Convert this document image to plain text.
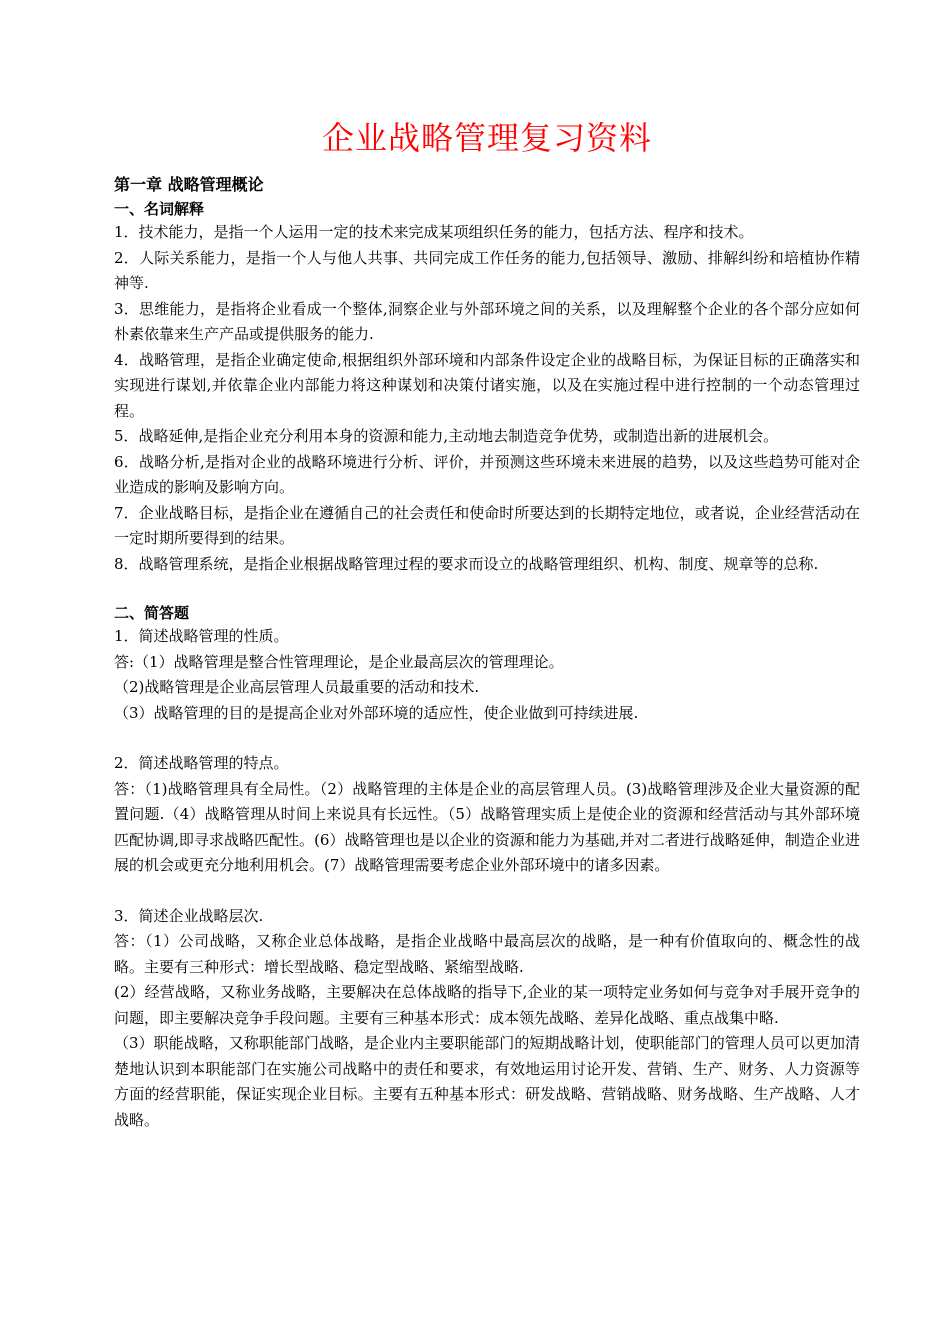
企业战略管理复习资料
第一章 战略管理概论
一、名词解释

1．技术能力，是指一个人运用一定的技术来完成某项组织任务的能力，包括方法、程序和技术。

2．人际关系能力，是指一个人与他人共事、共同完成工作任务的能力,包括领导、激励、排解纠纷和培植协作精神等.

3．思维能力，是指将企业看成一个整体,洞察企业与外部环境之间的关系，以及理解整个企业的各个部分应如何朴素依靠来生产产品或提供服务的能力.

4．战略管理，是指企业确定使命,根据组织外部环境和内部条件设定企业的战略目标，为保证目标的正确落实和实现进行谋划,并依靠企业内部能力将这种谋划和决策付诸实施，以及在实施过程中进行控制的一个动态管理过程。

5．战略延伸,是指企业充分利用本身的资源和能力,主动地去制造竞争优势，或制造出新的进展机会。

6．战略分析,是指对企业的战略环境进行分析、评价，并预测这些环境未来进展的趋势，以及这些趋势可能对企业造成的影响及影响方向。

7．企业战略目标，是指企业在遵循自己的社会责任和使命时所要达到的长期特定地位，或者说，企业经营活动在一定时期所要得到的结果。

8．战略管理系统，是指企业根据战略管理过程的要求而设立的战略管理组织、机构、制度、规章等的总称.

二、简答题

1．简述战略管理的性质。

答:（1）战略管理是整合性管理理论，是企业最高层次的管理理论。

（2)战略管理是企业高层管理人员最重要的活动和技术.

（3）战略管理的目的是提高企业对外部环境的适应性，使企业做到可持续进展.

2．简述战略管理的特点。

答：（1)战略管理具有全局性。（2）战略管理的主体是企业的高层管理人员。(3)战略管理涉及企业大量资源的配置问题.（4）战略管理从时间上来说具有长远性。（5）战略管理实质上是使企业的资源和经营活动与其外部环境匹配协调,即寻求战略匹配性。(6）战略管理也是以企业的资源和能力为基础,并对二者进行战略延伸，制造企业进展的机会或更充分地利用机会。(7）战略管理需要考虑企业外部环境中的诸多因素。

3．简述企业战略层次.

答：（1）公司战略，又称企业总体战略，是指企业战略中最高层次的战略，是一种有价值取向的、概念性的战略。主要有三种形式：增长型战略、稳定型战略、紧缩型战略.

(2）经营战略，又称业务战略，主要解决在总体战略的指导下,企业的某一项特定业务如何与竞争对手展开竞争的问题，即主要解决竞争手段问题。主要有三种基本形式：成本领先战略、差异化战略、重点战集中略.

（3）职能战略，又称职能部门战略，是企业内主要职能部门的短期战略计划，使职能部门的管理人员可以更加清楚地认识到本职能部门在实施公司战略中的责任和要求，有效地运用讨论开发、营销、生产、财务、人力资源等方面的经营职能，保证实现企业目标。主要有五种基本形式：研发战略、营销战略、财务战略、生产战略、人才战略。
